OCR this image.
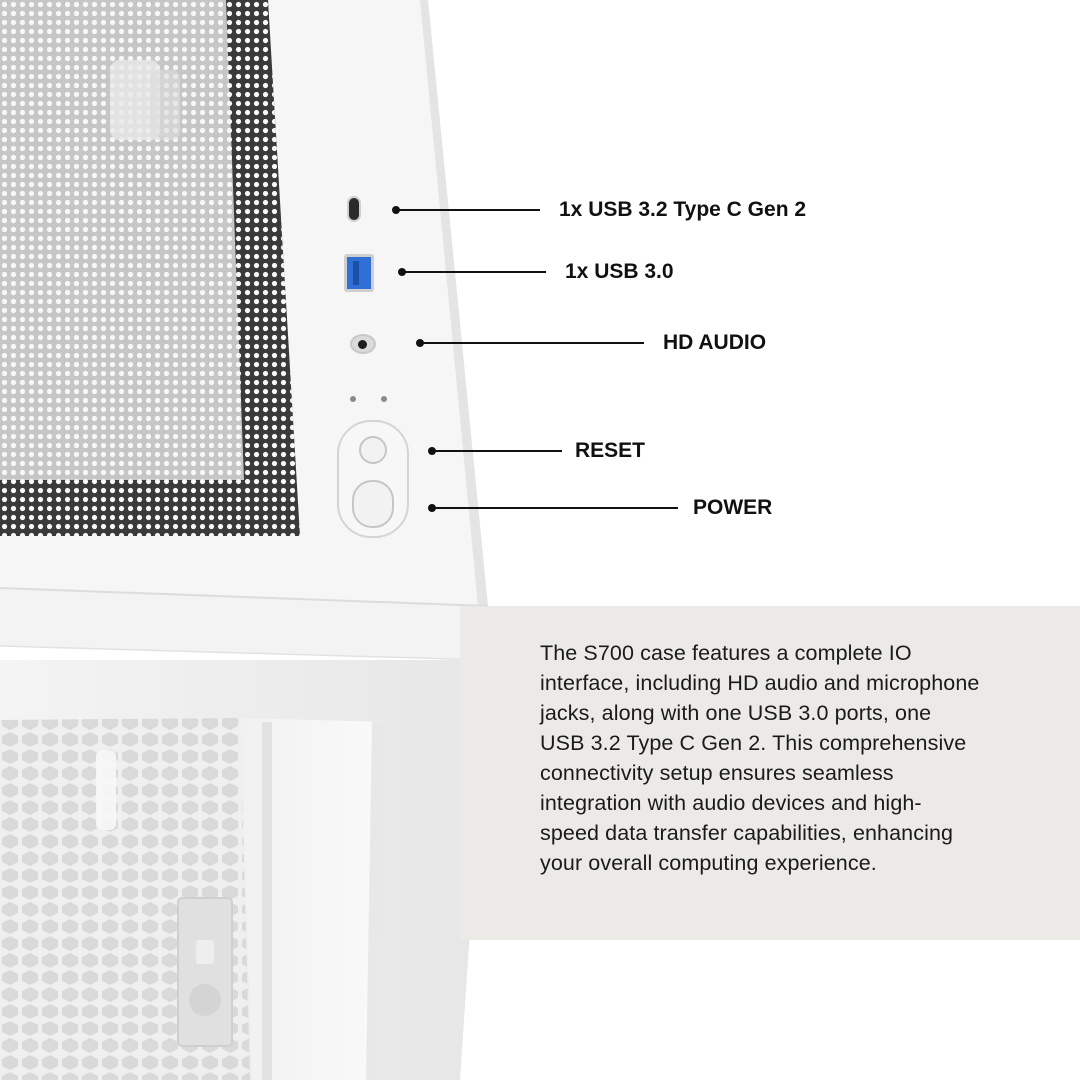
1x USB 3.2 Type C Gen 2
1x USB 3.0
HD AUDIO
RESET
POWER

The S700 case features a complete IO interface, including HD audio and microphone jacks, along with one USB 3.0 ports, one USB 3.2 Type C Gen 2. This comprehensive connectivity setup ensures seamless integration with audio devices and high-speed data transfer capabilities, enhancing your overall computing experience.
